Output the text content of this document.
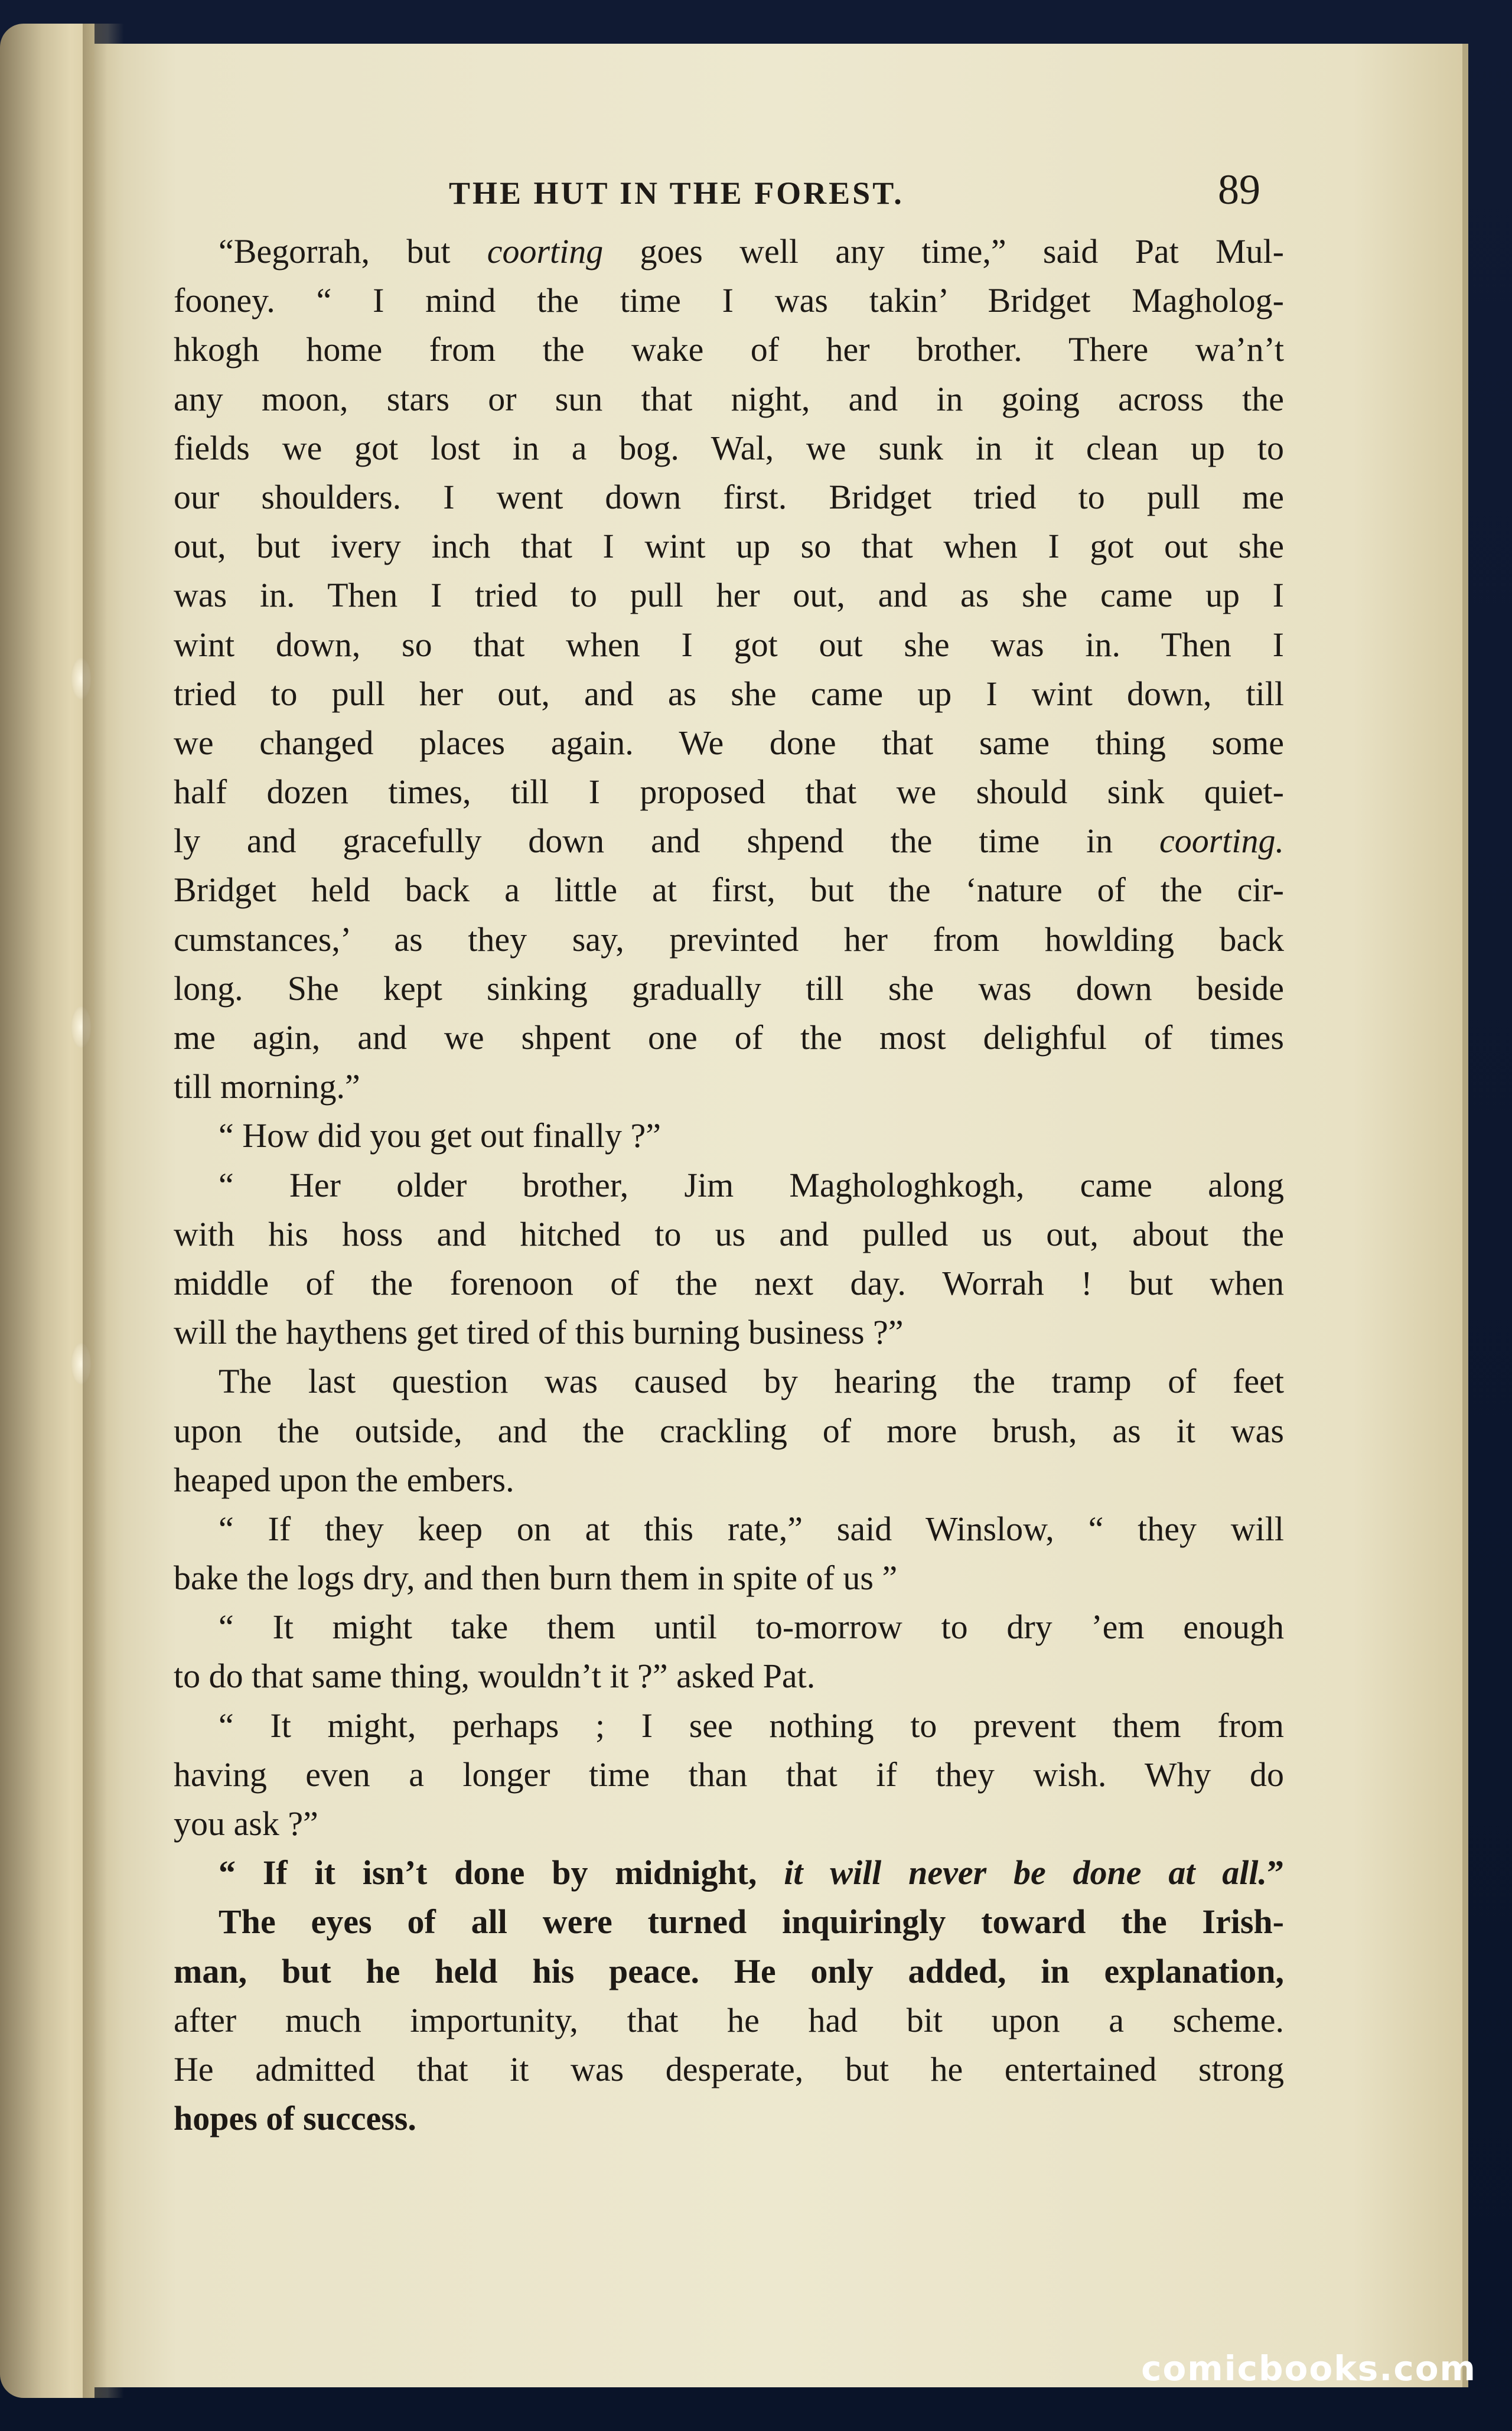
THE HUT IN THE FOREST.	89
“Begorrah, but coorting goes well any time,” said Pat Mul-
fooney. “ I mind the time I was takin’ Bridget Magholog-
hkogh home from the wake of her brother. There wa’n’t
any moon, stars or sun that night, and in going across the
fields we got lost in a bog. Wal, we sunk in it clean up to
our shoulders. I went down first. Bridget tried to pull me
out, but ivery inch that I wint up so that when I got out she
was in. Then I tried to pull her out, and as she came up I
wint down, so that when I got out she was in. Then I
tried to pull her out, and as she came up I wint down, till
we changed places again. We done that same thing some
half dozen times, till I proposed that we should sink quiet-
ly and gracefully down and shpend the time in coorting.
Bridget held back a little at first, but the ‘nature of the cir-
cumstances,’ as they say, previnted her from howlding back
long. She kept sinking gradually till she was down beside
me agin, and we shpent one of the most delighful of times
till morning.”
“ How did you get out finally ?”
“ Her older brother, Jim Maghologhkogh, came along
with his hoss and hitched to us and pulled us out, about the
middle of the forenoon of the next day. Worrah ! but when
will the haythens get tired of this burning business ?”
The last question was caused by hearing the tramp of feet
upon the outside, and the crackling of more brush, as it was
heaped upon the embers.
“ If they keep on at this rate,” said Winslow, “ they will
bake the logs dry, and then burn them in spite of us ”
“ It might take them until to-morrow to dry ’em enough
to do that same thing, wouldn’t it ?” asked Pat.
“ It might, perhaps ; I see nothing to prevent them from
having even a longer time than that if they wish. Why do
you ask ?”
“ If it isn’t done by midnight, it will never be done at all.”
The eyes of all were turned inquiringly toward the Irish-
man, but he held his peace. He only added, in explanation,
after much importunity, that he had bit upon a scheme.
He admitted that it was desperate, but he entertained strong
hopes of success.
comicbooks.com
